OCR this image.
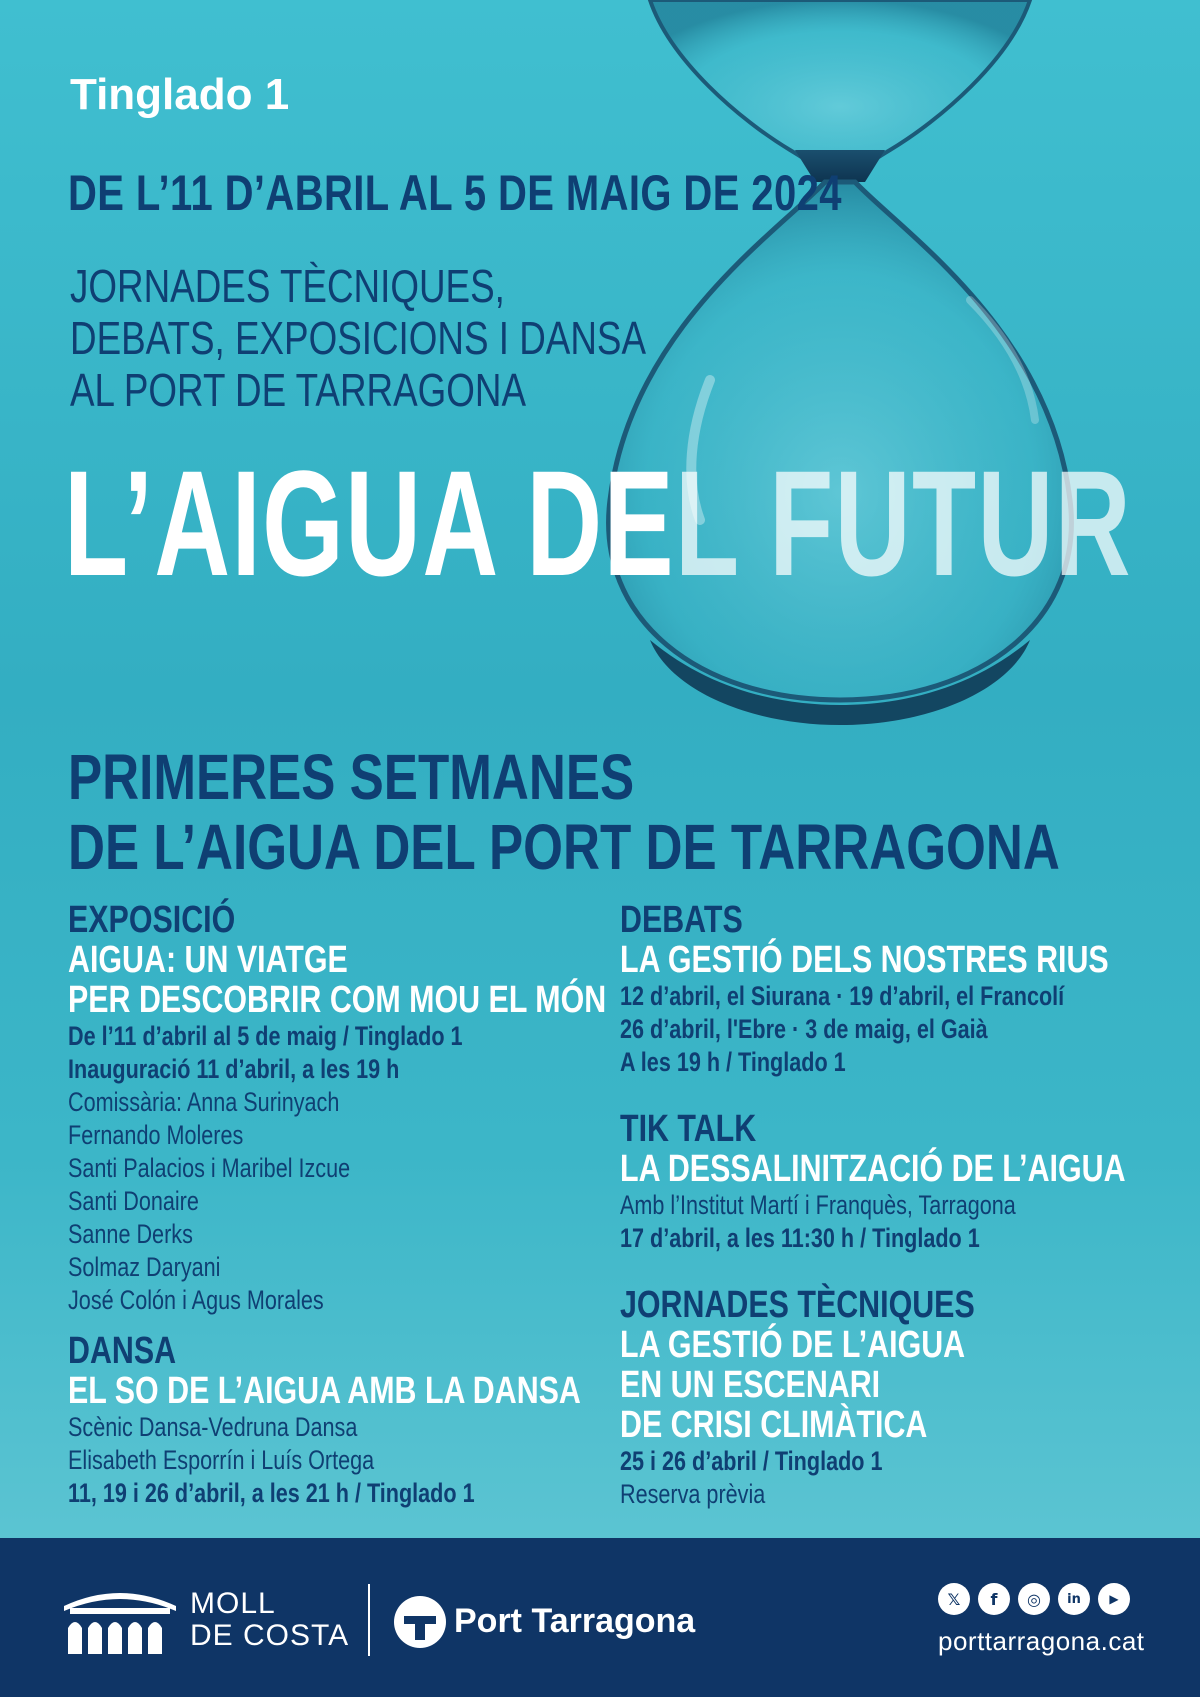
Tinglado 1
DE L’11 D’ABRIL AL 5 DE MAIG DE 2024
JORNADES TÈCNIQUES,
DEBATS, EXPOSICIONS I DANSA
AL PORT DE TARRAGONA
L’AIGUA DEL FUTUR
PRIMERES SETMANES
DE L’AIGUA DEL PORT DE TARRAGONA
EXPOSICIÓ
AIGUA: UN VIATGE
PER DESCOBRIR COM MOU EL MÓN
De l’11 d’abril al 5 de maig / Tinglado 1
Inauguració 11 d’abril, a les 19 h
Comissària: Anna Surinyach
Fernando Moleres
Santi Palacios i Maribel Izcue
Santi Donaire
Sanne Derks
Solmaz Daryani
José Colón i Agus Morales
DANSA
EL SO DE L’AIGUA AMB LA DANSA
Scènic Dansa-Vedruna Dansa
Elisabeth Esporrín i Luís Ortega
11, 19 i 26 d’abril, a les 21 h / Tinglado 1
DEBATS
LA GESTIÓ DELS NOSTRES RIUS
12 d’abril, el Siurana · 19 d’abril, el Francolí
26 d’abril, l'Ebre · 3 de maig, el Gaià
A les 19 h / Tinglado 1
TIK TALK
LA DESSALINITZACIÓ DE L’AIGUA
Amb l’Institut Martí i Franquès, Tarragona
17 d’abril, a les 11:30 h / Tinglado 1
JORNADES TÈCNIQUES
LA GESTIÓ DE L’AIGUA
EN UN ESCENARI
DE CRISI CLIMÀTICA
25 i 26 d’abril / Tinglado 1
Reserva prèvia
MOLL
DE COSTA	Port Tarragona
𝕏	f	◎	in	▶
porttarragona.cat
